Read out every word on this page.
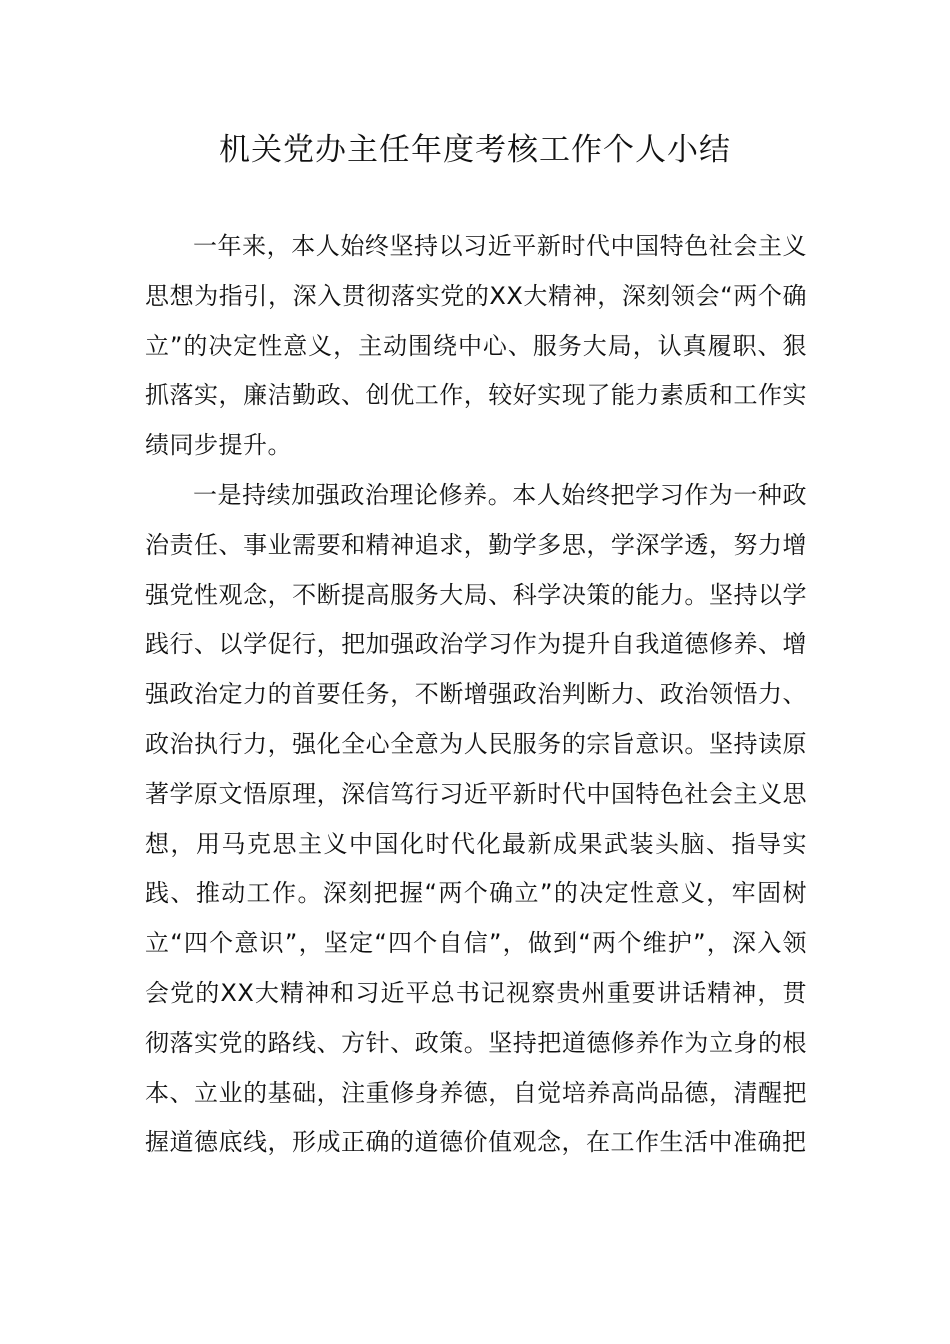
机关党办主任年度考核工作个人小结

一年来，本人始终坚持以习近平新时代中国特色社会主义思想为指引，深入贯彻落实党的XX大精神，深刻领会“两个确立”的决定性意义，主动围绕中心、服务大局，认真履职、狠抓落实，廉洁勤政、创优工作，较好实现了能力素质和工作实绩同步提升。

一是持续加强政治理论修养。本人始终把学习作为一种政治责任、事业需要和精神追求，勤学多思，学深学透，努力增强党性观念，不断提高服务大局、科学决策的能力。坚持以学践行、以学促行，把加强政治学习作为提升自我道德修养、增强政治定力的首要任务，不断增强政治判断力、政治领悟力、政治执行力，强化全心全意为人民服务的宗旨意识。坚持读原著学原文悟原理，深信笃行习近平新时代中国特色社会主义思想，用马克思主义中国化时代化最新成果武装头脑、指导实践、推动工作。深刻把握“两个确立”的决定性意义，牢固树立“四个意识”，坚定“四个自信”，做到“两个维护”，深入领会党的XX大精神和习近平总书记视察贵州重要讲话精神，贯彻落实党的路线、方针、政策。坚持把道德修养作为立身的根本、立业的基础，注重修身养德，自觉培养高尚品德，清醒把握道德底线，形成正确的道德价值观念，在工作生活中准确把
